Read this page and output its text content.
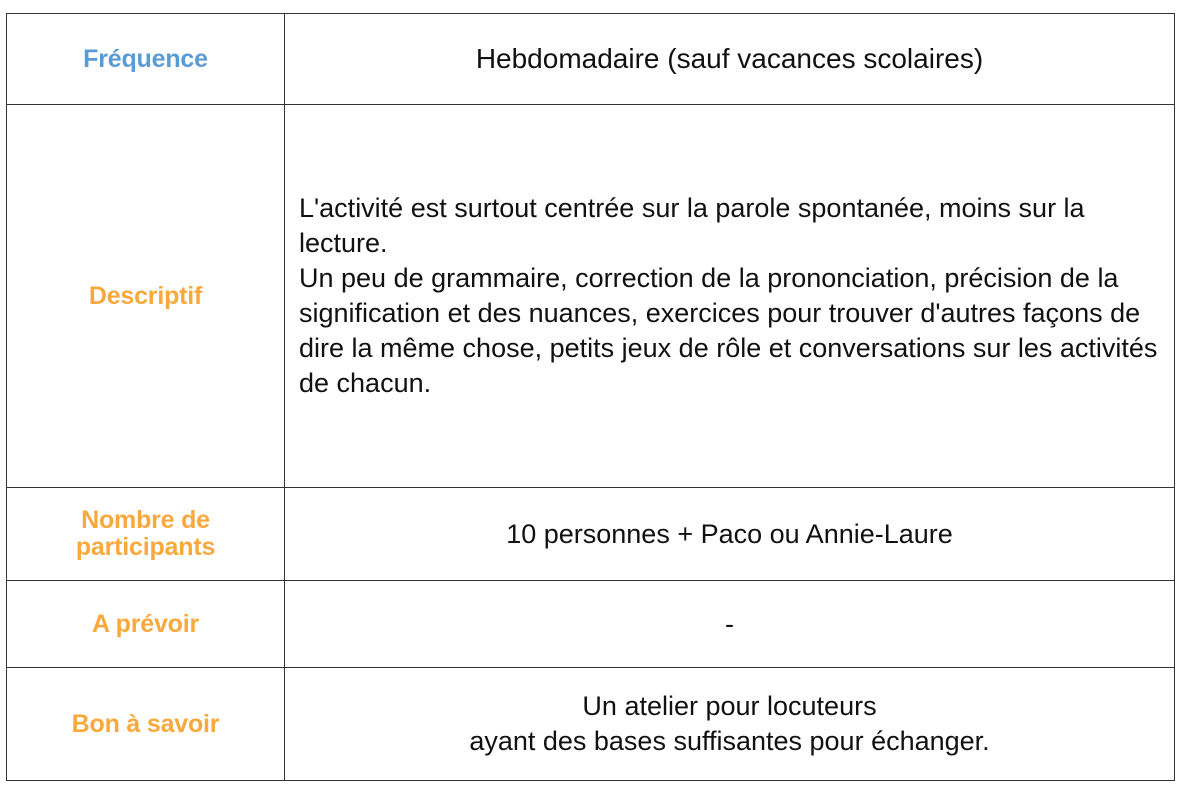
Fréquence	Hebdomadaire (sauf vacances scolaires)

Descriptif	L'activité est surtout centrée sur la parole spontanée, moins sur la lecture.

Un peu de grammaire, correction de la prononciation, précision de la signification et des nuances, exercices pour trouver d'autres façons de dire la même chose, petits jeux de rôle et conversations sur les activités de chacun.

Nombre de
participants	10 personnes + Paco ou Annie-Laure

A prévoir	-

Bon à savoir	Un atelier pour locuteurs
ayant des bases suffisantes pour échanger.
